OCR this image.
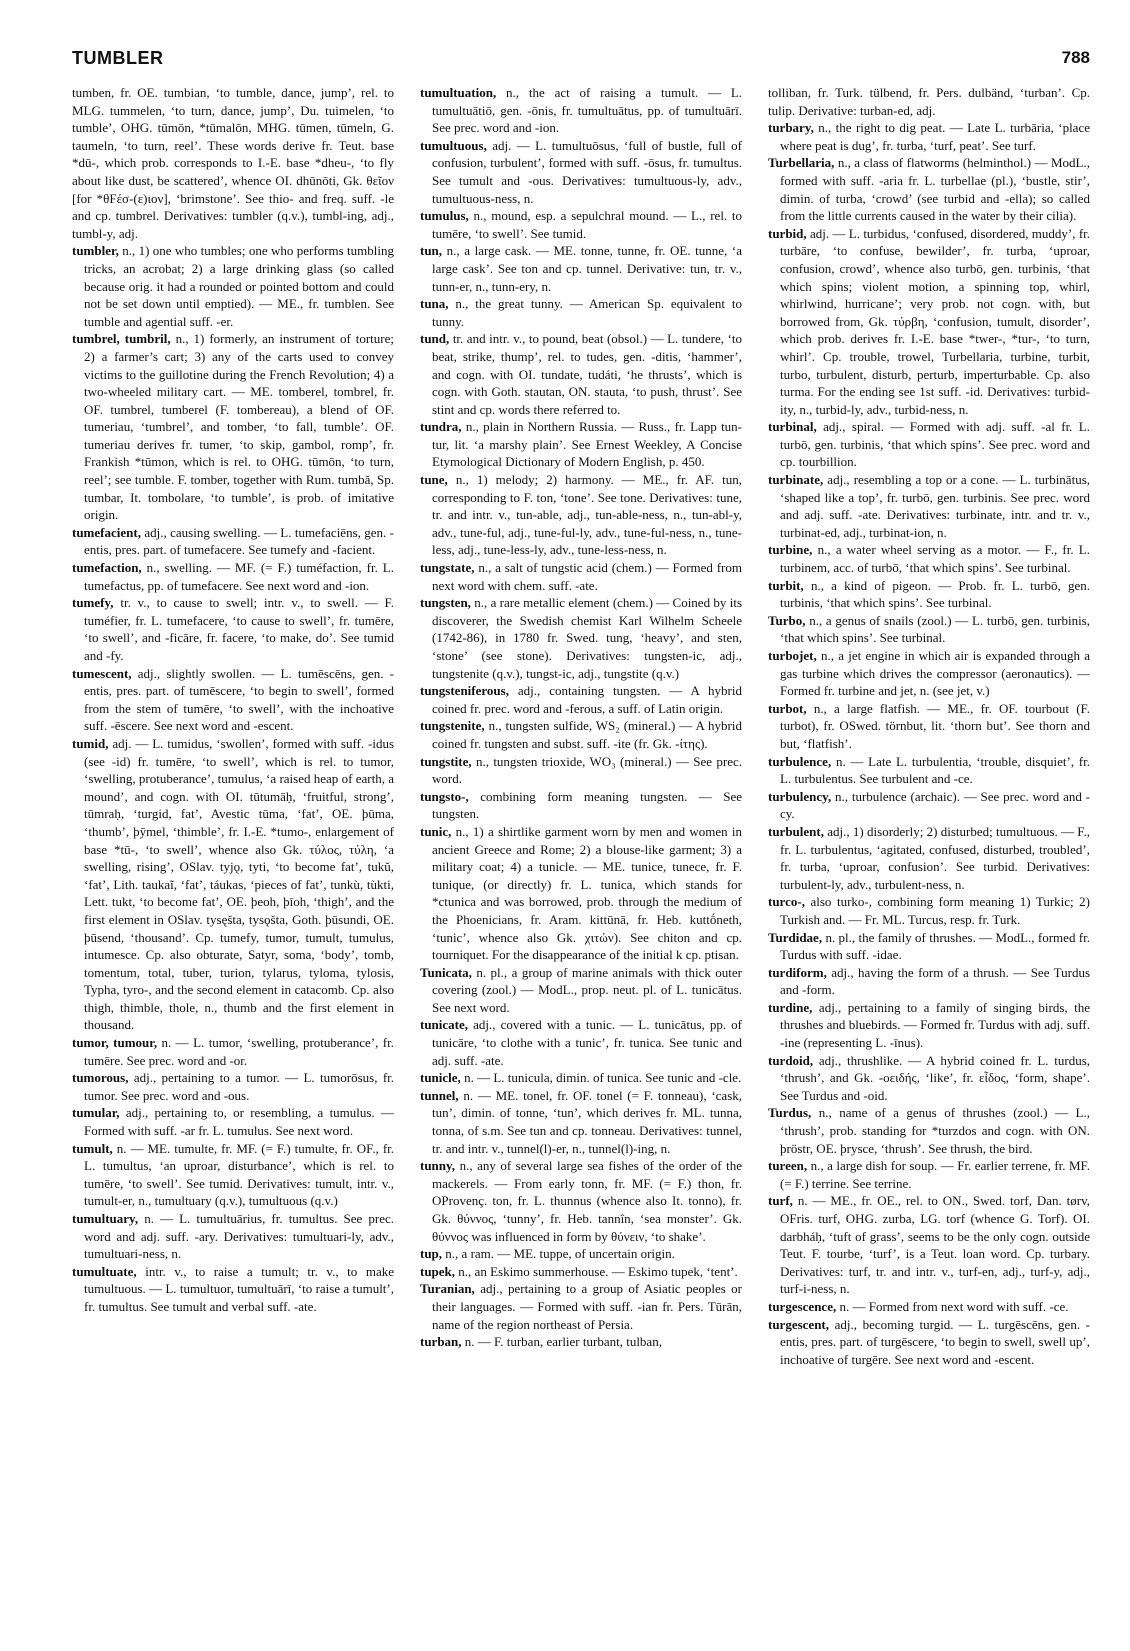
TUMBLER	788

tumben, fr. OE. tumbian, ‘to tumble, dance, jump’, rel. to MLG. tummelen, ‘to turn, dance, jump’, Du. tuimelen, ‘to tumble’, OHG. tūmōn, *tūmalōn, MHG. tūmen, tūmeln, G. taumeln, ‘to turn, reel’. These words derive fr. Teut. base *dū-, which prob. corresponds to I.-E. base *dheu-, ‘to fly about like dust, be scattered’, whence OI. dhūnōti, Gk. θεῖον [for *θϜέσ-(ε)ιον], ‘brimstone’. See thio- and freq. suff. -le and cp. tumbrel. Derivatives: tumbler (q.v.), tumbl-ing, adj., tumbl-y, adj.

tumbler, n., 1) one who tumbles; one who performs tumbling tricks, an acrobat; 2) a large drinking glass (so called because orig. it had a rounded or pointed bottom and could not be set down until emptied). — ME., fr. tumblen. See tumble and agential suff. -er.

tumbrel, tumbril, n., 1) formerly, an instrument of torture; 2) a farmer’s cart; 3) any of the carts used to convey victims to the guillotine during the French Revolution; 4) a two-wheeled military cart. — ME. tomberel, tombrel, fr. OF. tumbrel, tumberel (F. tombereau), a blend of OF. tumeriau, ‘tumbrel’, and tomber, ‘to fall, tumble’. OF. tumeriau derives fr. tumer, ‘to skip, gambol, romp’, fr. Frankish *tūmon, which is rel. to OHG. tūmōn, ‘to turn, reel’; see tumble. F. tomber, together with Rum. tumbă, Sp. tumbar, It. tombolare, ‘to tumble’, is prob. of imitative origin.

tumefacient, adj., causing swelling. — L. tumefaciēns, gen. -entis, pres. part. of tumefacere. See tumefy and -facient.

tumefaction, n., swelling. — MF. (= F.) tuméfaction, fr. L. tumefactus, pp. of tumefacere. See next word and -ion.

tumefy, tr. v., to cause to swell; intr. v., to swell. — F. tuméfier, fr. L. tumefacere, ‘to cause to swell’, fr. tumēre, ‘to swell’, and -ficāre, fr. facere, ‘to make, do’. See tumid and -fy.

tumescent, adj., slightly swollen. — L. tumēscēns, gen. -entis, pres. part. of tumēscere, ‘to begin to swell’, formed from the stem of tumēre, ‘to swell’, with the inchoative suff. -ēscere. See next word and -escent.

tumid, adj. — L. tumidus, ‘swollen’, formed with suff. -idus (see -id) fr. tumēre, ‘to swell’, which is rel. to tumor, ‘swelling, protuberance’, tumulus, ‘a raised heap of earth, a mound’, and cogn. with OI. tūtumāḥ, ‘fruitful, strong’, tūmraḥ, ‘turgid, fat’, Avestic tūma, ‘fat’, OE. þūma, ‘thumb’, þȳmel, ‘thimble’, fr. I.-E. *tumo-, enlargement of base *tū-, ‘to swell’, whence also Gk. τύλος, τύλη, ‘a swelling, rising’, OSlav. tyjǫ, tyti, ‘to become fat’, tukŭ, ‘fat’, Lith. taukaĩ, ‘fat’, táukas, ‘pieces of fat’, tunkù, tùkti, Lett. tukt, ‘to become fat’, OE. þeoh, þīoh, ‘thigh’, and the first element in OSlav. tysęšta, tysǫšta, Goth. þūsundi, OE. þūsend, ‘thousand’. Cp. tumefy, tumor, tumult, tumulus, intumesce. Cp. also obturate, Satyr, soma, ‘body’, tomb, tomentum, total, tuber, turion, tylarus, tyloma, tylosis, Typha, tyro-, and the second element in catacomb. Cp. also thigh, thimble, thole, n., thumb and the first element in thousand.

tumor, tumour, n. — L. tumor, ‘swelling, protuberance’, fr. tumēre. See prec. word and -or.

tumorous, adj., pertaining to a tumor. — L. tumorōsus, fr. tumor. See prec. word and -ous.

tumular, adj., pertaining to, or resembling, a tumulus. — Formed with suff. -ar fr. L. tumulus. See next word.

tumult, n. — ME. tumulte, fr. MF. (= F.) tumulte, fr. OF., fr. L. tumultus, ‘an uproar, disturbance’, which is rel. to tumēre, ‘to swell’. See tumid. Derivatives: tumult, intr. v., tumult-er, n., tumultuary (q.v.), tumultuous (q.v.)

tumultuary, n. — L. tumultuārius, fr. tumultus. See prec. word and adj. suff. -ary. Derivatives: tumultuari-ly, adv., tumultuari-ness, n.

tumultuate, intr. v., to raise a tumult; tr. v., to make tumultuous. — L. tumultuor, tumultuārī, ‘to raise a tumult’, fr. tumultus. See tumult and verbal suff. -ate.

tumultuation, n., the act of raising a tumult. — L. tumultuātiō, gen. -ōnis, fr. tumultuātus, pp. of tumultuārī. See prec. word and -ion.

tumultuous, adj. — L. tumultuōsus, ‘full of bustle, full of confusion, turbulent’, formed with suff. -ōsus, fr. tumultus. See tumult and -ous. Derivatives: tumultuous-ly, adv., tumultuous-ness, n.

tumulus, n., mound, esp. a sepulchral mound. — L., rel. to tumēre, ‘to swell’. See tumid.

tun, n., a large cask. — ME. tonne, tunne, fr. OE. tunne, ‘a large cask’. See ton and cp. tunnel. Derivative: tun, tr. v., tunn-er, n., tunn-ery, n.

tuna, n., the great tunny. — American Sp. equivalent to tunny.

tund, tr. and intr. v., to pound, beat (obsol.) — L. tundere, ‘to beat, strike, thump’, rel. to tudes, gen. -ditis, ‘hammer’, and cogn. with OI. tundate, tudáti, ‘he thrusts’, which is cogn. with Goth. stautan, ON. stauta, ‘to push, thrust’. See stint and cp. words there referred to.

tundra, n., plain in Northern Russia. — Russ., fr. Lapp tun-tur, lit. ‘a marshy plain’. See Ernest Weekley, A Concise Etymological Dictionary of Modern English, p. 450.

tune, n., 1) melody; 2) harmony. — ME., fr. AF. tun, corresponding to F. ton, ‘tone’. See tone. Derivatives: tune, tr. and intr. v., tun-able, adj., tun-able-ness, n., tun-abl-y, adv., tune-ful, adj., tune-ful-ly, adv., tune-ful-ness, n., tune-less, adj., tune-less-ly, adv., tune-less-ness, n.

tungstate, n., a salt of tungstic acid (chem.) — Formed from next word with chem. suff. -ate.

tungsten, n., a rare metallic element (chem.) — Coined by its discoverer, the Swedish chemist Karl Wilhelm Scheele (1742-86), in 1780 fr. Swed. tung, ‘heavy’, and sten, ‘stone’ (see stone). Derivatives: tungsten-ic, adj., tungstenite (q.v.), tungst-ic, adj., tungstite (q.v.)

tungsteniferous, adj., containing tungsten. — A hybrid coined fr. prec. word and -ferous, a suff. of Latin origin.

tungstenite, n., tungsten sulfide, WS₂ (mineral.) — A hybrid coined fr. tungsten and subst. suff. -ite (fr. Gk. -ίτης).

tungstite, n., tungsten trioxide, WO₃ (mineral.) — See prec. word.

tungsto-, combining form meaning tungsten. — See tungsten.

tunic, n., 1) a shirtlike garment worn by men and women in ancient Greece and Rome; 2) a blouse-like garment; 3) a military coat; 4) a tunicle. — ME. tunice, tunece, fr. F. tunique, (or directly) fr. L. tunica, which stands for *ctunica and was borrowed, prob. through the medium of the Phoenicians, fr. Aram. kittūnā, fr. Heb. kuttṓneth, ‘tunic’, whence also Gk. χιτών). See chiton and cp. tourniquet. For the disappearance of the initial k cp. ptisan.

Tunicata, n. pl., a group of marine animals with thick outer covering (zool.) — ModL., prop. neut. pl. of L. tunicātus. See next word.

tunicate, adj., covered with a tunic. — L. tunicātus, pp. of tunicāre, ‘to clothe with a tunic’, fr. tunica. See tunic and adj. suff. -ate.

tunicle, n. — L. tunicula, dimin. of tunica. See tunic and -cle.

tunnel, n. — ME. tonel, fr. OF. tonel (= F. tonneau), ‘cask, tun’, dimin. of tonne, ‘tun’, which derives fr. ML. tunna, tonna, of s.m. See tun and cp. tonneau. Derivatives: tunnel, tr. and intr. v., tunnel(l)-er, n., tunnel(l)-ing, n.

tunny, n., any of several large sea fishes of the order of the mackerels. — From early tonn, fr. MF. (= F.) thon, fr. OProvenç. ton, fr. L. thunnus (whence also It. tonno), fr. Gk. θύννος, ‘tunny’, fr. Heb. tannîn, ‘sea monster’. Gk. θύννος was influenced in form by θύνειν, ‘to shake’.

tup, n., a ram. — ME. tuppe, of uncertain origin.

tupek, n., an Eskimo summerhouse. — Eskimo tupek, ‘tent’.

Turanian, adj., pertaining to a group of Asiatic peoples or their languages. — Formed with suff. -ian fr. Pers. Tūrān, name of the region northeast of Persia.

turban, n. — F. turban, earlier turbant, tulban,

tolliban, fr. Turk. tülbend, fr. Pers. dulbänd, ‘turban’. Cp. tulip. Derivative: turban-ed, adj.

turbary, n., the right to dig peat. — Late L. turbāria, ‘place where peat is dug’, fr. turba, ‘turf, peat’. See turf.

Turbellaria, n., a class of flatworms (helminthol.) — ModL., formed with suff. -aria fr. L. turbellae (pl.), ‘bustle, stir’, dimin. of turba, ‘crowd’ (see turbid and -ella); so called from the little currents caused in the water by their cilia).

turbid, adj. — L. turbidus, ‘confused, disordered, muddy’, fr. turbāre, ‘to confuse, bewilder’, fr. turba, ‘uproar, confusion, crowd’, whence also turbō, gen. turbinis, ‘that which spins; violent motion, a spinning top, whirl, whirlwind, hurricane’; very prob. not cogn. with, but borrowed from, Gk. τύρβη, ‘confusion, tumult, disorder’, which prob. derives fr. I.-E. base *twer-, *tur-, ‘to turn, whirl’. Cp. trouble, trowel, Turbellaria, turbine, turbit, turbo, turbulent, disturb, perturb, imperturbable. Cp. also turma. For the ending see 1st suff. -id. Derivatives: turbid-ity, n., turbid-ly, adv., turbid-ness, n.

turbinal, adj., spiral. — Formed with adj. suff. -al fr. L. turbō, gen. turbinis, ‘that which spins’. See prec. word and cp. tourbillion.

turbinate, adj., resembling a top or a cone. — L. turbinātus, ‘shaped like a top’, fr. turbō, gen. turbinis. See prec. word and adj. suff. -ate. Derivatives: turbinate, intr. and tr. v., turbinat-ed, adj., turbinat-ion, n.

turbine, n., a water wheel serving as a motor. — F., fr. L. turbinem, acc. of turbō, ‘that which spins’. See turbinal.

turbit, n., a kind of pigeon. — Prob. fr. L. turbō, gen. turbinis, ‘that which spins’. See turbinal.

Turbo, n., a genus of snails (zool.) — L. turbō, gen. turbinis, ‘that which spins’. See turbinal.

turbojet, n., a jet engine in which air is expanded through a gas turbine which drives the compressor (aeronautics). — Formed fr. turbine and jet, n. (see jet, v.)

turbot, n., a large flatfish. — ME., fr. OF. tourbout (F. turbot), fr. OSwed. törnbut, lit. ‘thorn but’. See thorn and but, ‘flatfish’.

turbulence, n. — Late L. turbulentia, ‘trouble, disquiet’, fr. L. turbulentus. See turbulent and -ce.

turbulency, n., turbulence (archaic). — See prec. word and -cy.

turbulent, adj., 1) disorderly; 2) disturbed; tumultuous. — F., fr. L. turbulentus, ‘agitated, confused, disturbed, troubled’, fr. turba, ‘uproar, confusion’. See turbid. Derivatives: turbulent-ly, adv., turbulent-ness, n.

turco-, also turko-, combining form meaning 1) Turkic; 2) Turkish and. — Fr. ML. Turcus, resp. fr. Turk.

Turdidae, n. pl., the family of thrushes. — ModL., formed fr. Turdus with suff. -idae.

turdiform, adj., having the form of a thrush. — See Turdus and -form.

turdine, adj., pertaining to a family of singing birds, the thrushes and bluebirds. — Formed fr. Turdus with adj. suff. -ine (representing L. -īnus).

turdoid, adj., thrushlike. — A hybrid coined fr. L. turdus, ‘thrush’, and Gk. -οειδής, ‘like’, fr. εἶδος, ‘form, shape’. See Turdus and -oid.

Turdus, n., name of a genus of thrushes (zool.) — L., ‘thrush’, prob. standing for *turzdos and cogn. with ON. þröstr, OE. þrysce, ‘thrush’. See thrush, the bird.

tureen, n., a large dish for soup. — Fr. earlier terrene, fr. MF. (= F.) terrine. See terrine.

turf, n. — ME., fr. OE., rel. to ON., Swed. torf, Dan. tørv, OFris. turf, OHG. zurba, LG. torf (whence G. Torf). OI. darbháḥ, ‘tuft of grass’, seems to be the only cogn. outside Teut. F. tourbe, ‘turf’, is a Teut. loan word. Cp. turbary. Derivatives: turf, tr. and intr. v., turf-en, adj., turf-y, adj., turf-i-ness, n.

turgescence, n. — Formed from next word with suff. -ce.

turgescent, adj., becoming turgid. — L. turgēscēns, gen. -entis, pres. part. of turgēscere, ‘to begin to swell, swell up’, inchoative of turgēre. See next word and -escent.
